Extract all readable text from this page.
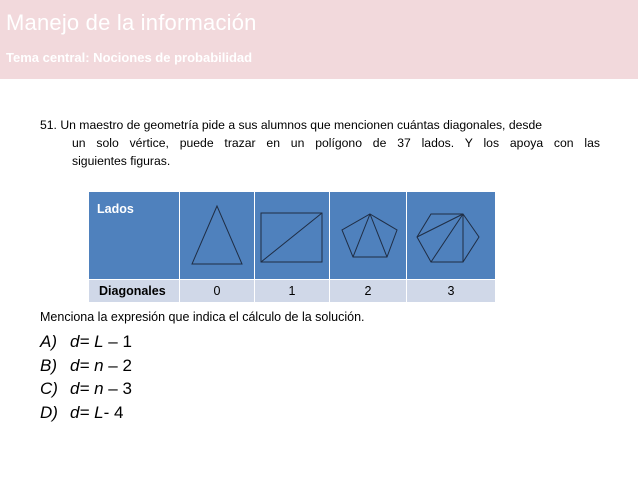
Manejo de la información
Tema central: Nociones de probabilidad
51. Un maestro de geometría pide a sus alumnos que mencionen cuántas diagonales, desde
un solo vértice, puede trazar en un polígono de 37 lados. Y los apoya con las
siguientes figuras.
Lados				
Diagonales	0	1	2	3
Menciona la expresión que indica el cálculo de la solución.
A) d= L – 1
B) d= n – 2
C) d= n – 3
D) d= L- 4
